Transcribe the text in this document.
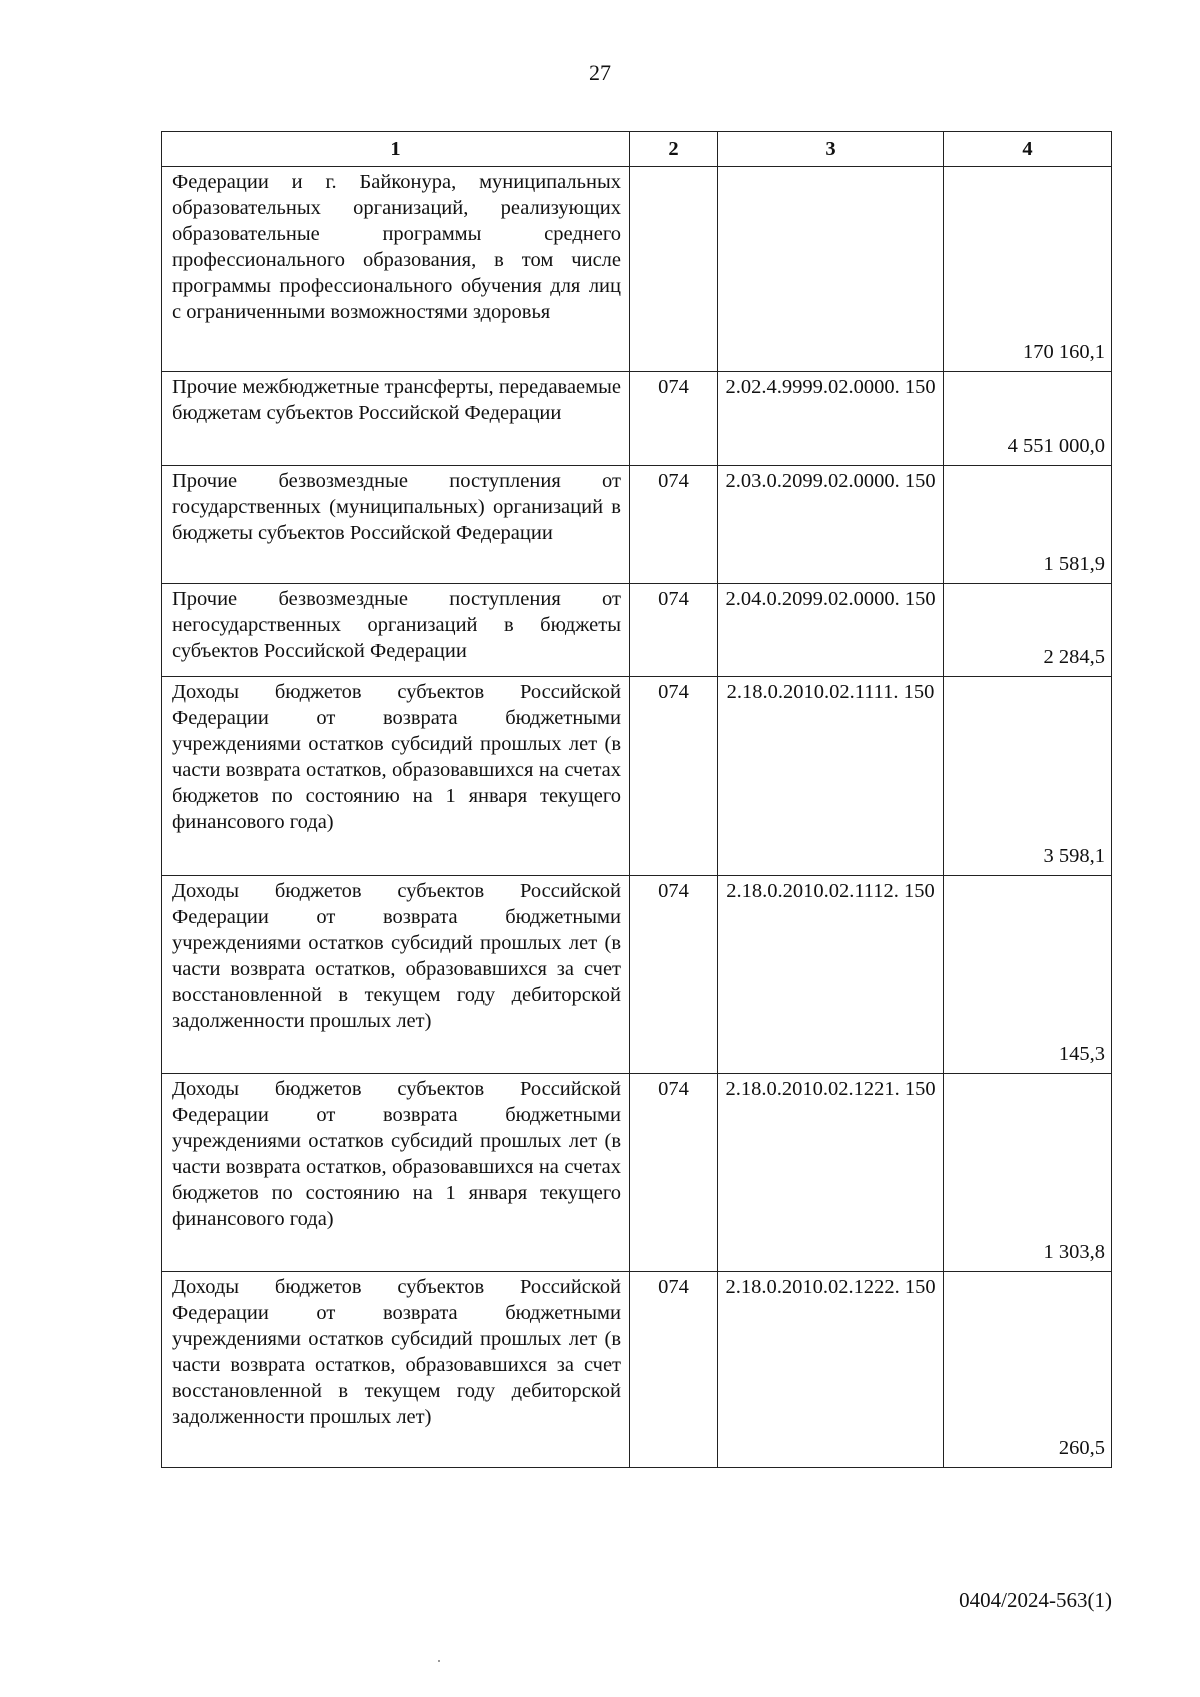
27
1	2	3	4
Федерации и г. Байконура, муниципальных образовательных организаций, реализующих образовательные программы среднего профессионального образования, в том числе программы профессионального обучения для лиц с ограниченными возможностями здоровья			170 160,1
Прочие межбюджетные трансферты, передаваемые бюджетам субъектов Российской Федерации	074	2.02.4.9999.02.0000. 150	4 551 000,0
Прочие безвозмездные поступления от государственных (муниципальных) организаций в бюджеты субъектов Российской Федерации	074	2.03.0.2099.02.0000. 150	1 581,9
Прочие безвозмездные поступления от негосударственных организаций в бюджеты субъектов Российской Федерации	074	2.04.0.2099.02.0000. 150	2 284,5
Доходы бюджетов субъектов Российской Федерации от возврата бюджетными учреждениями остатков субсидий прошлых лет (в части возврата остатков, образовавшихся на счетах бюджетов по состоянию на 1 января текущего финансового года)	074	2.18.0.2010.02.1111. 150	3 598,1
Доходы бюджетов субъектов Российской Федерации от возврата бюджетными учреждениями остатков субсидий прошлых лет (в части возврата остатков, образовавшихся за счет восстановленной в текущем году дебиторской задолженности прошлых лет)	074	2.18.0.2010.02.1112. 150	145,3
Доходы бюджетов субъектов Российской Федерации от возврата бюджетными учреждениями остатков субсидий прошлых лет (в части возврата остатков, образовавшихся на счетах бюджетов по состоянию на 1 января текущего финансового года)	074	2.18.0.2010.02.1221. 150	1 303,8
Доходы бюджетов субъектов Российской Федерации от возврата бюджетными учреждениями остатков субсидий прошлых лет (в части возврата остатков, образовавшихся за счет восстановленной в текущем году дебиторской задолженности прошлых лет)	074	2.18.0.2010.02.1222. 150	260,5
0404/2024-563(1)
